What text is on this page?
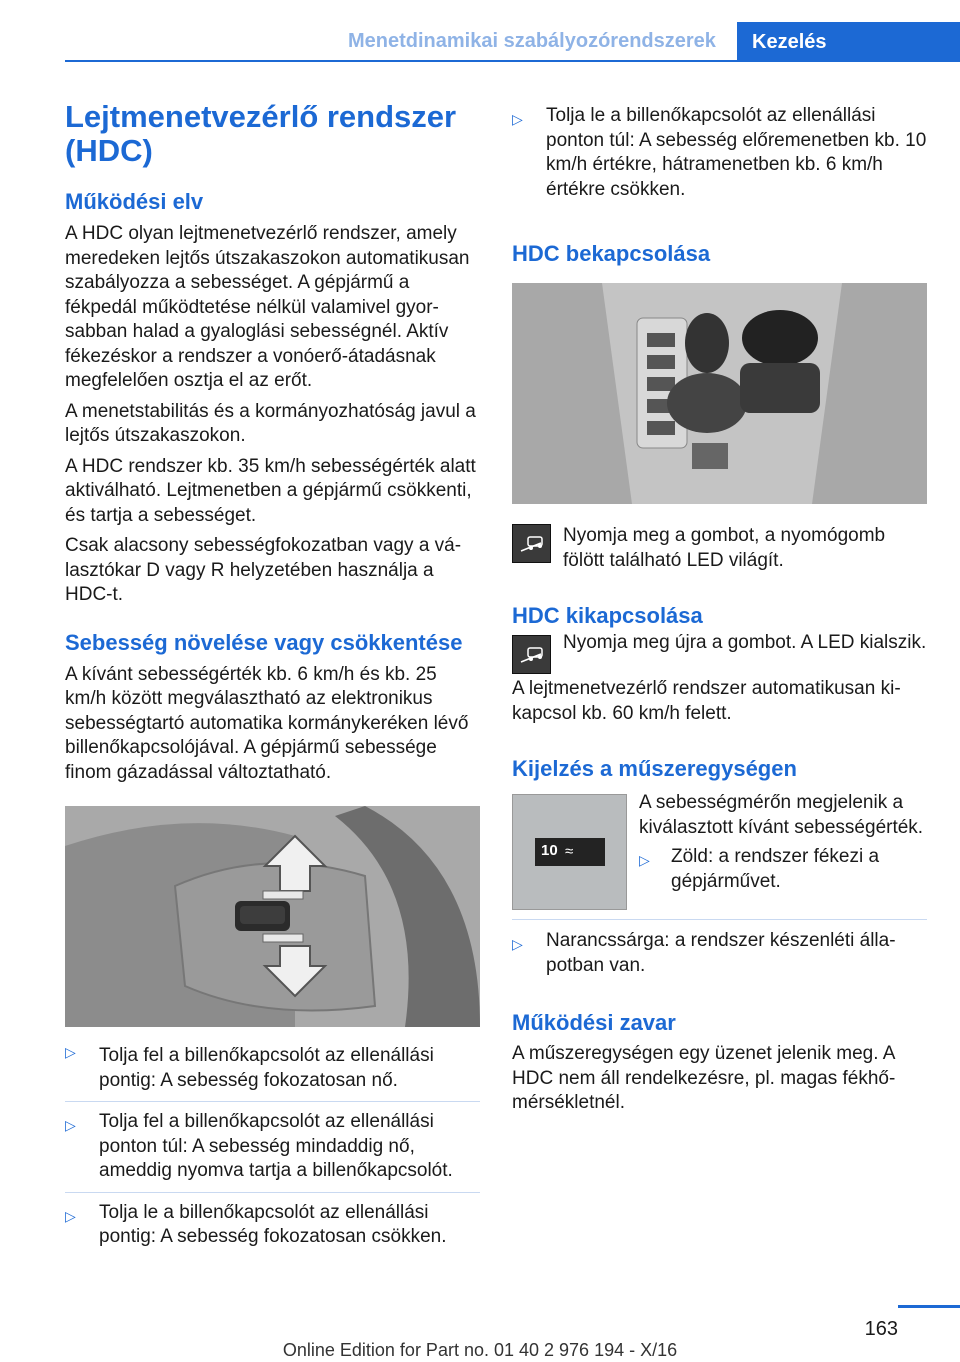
Menetdinamikai szabályozórendszerek	Kezelés
Lejtmenetvezérlő rendszer (HDC)
Működési elv

A HDC olyan lejtmenetvezérlő rendszer, amely meredeken lejtős útszakaszokon automatikusan szabályozza a sebességet. A gépjármű a fékpedál működtetése nélkül valamivel gyorsabban halad a gyaloglási sebességnél. Aktív fékezéskor a rendszer a vonóerő-átadásnak megfelelően osztja el az erőt.

A menetstabilitás és a kormányozhatóság javul a lejtős útszakaszokon.

A HDC rendszer kb. 35 km/h sebességérték alatt aktiválható. Lejtmenetben a gépjármű csökkenti, és tartja a sebességet.

Csak alacsony sebességfokozatban vagy a választókar D vagy R helyzetében használja a HDC-t.

Sebesség növelése vagy csökkentése

A kívánt sebességérték kb. 6 km/h és kb. 25 km/h között megválasztható az elektronikus sebességtartó automatika kormánykeréken lévő billenőkapcsolójával. A gépjármű sebessége finom gázadással változtatható.

▷ Tolja fel a billenőkapcsolót az ellenállási pontig: A sebesség fokozatosan nő.
▷ Tolja fel a billenőkapcsolót az ellenállási ponton túl: A sebesség mindaddig nő, ameddig nyomva tartja a billenőkapcsolót.
▷ Tolja le a billenőkapcsolót az ellenállási pontig: A sebesség fokozatosan csökken.
▷ Tolja le a billenőkapcsolót az ellenállási ponton túl: A sebesség előremenetben kb. 10 km/h értékre, hátramenetben kb. 6 km/h értékre csökken.
HDC bekapcsolása

Nyomja meg a gombot, a nyomógomb fölött található LED világít.

HDC kikapcsolása

Nyomja meg újra a gombot. A LED kialszik.

A lejtmenetvezérlő rendszer automatikusan kikapcsol kb. 60 km/h felett.

Kijelzés a műszeregységen
10 ≈

A sebességmérőn megjelenik a kiválasztott kívánt sebességérték.

▷ Zöld: a rendszer fékezi a gépjárművet.
▷ Narancssárga: a rendszer készenléti állapotban van.
Működési zavar

A műszeregységen egy üzenet jelenik meg. A HDC nem áll rendelkezésre, pl. magas fékhőmérsékletnél.

163
Online Edition for Part no. 01 40 2 976 194 - X/16
